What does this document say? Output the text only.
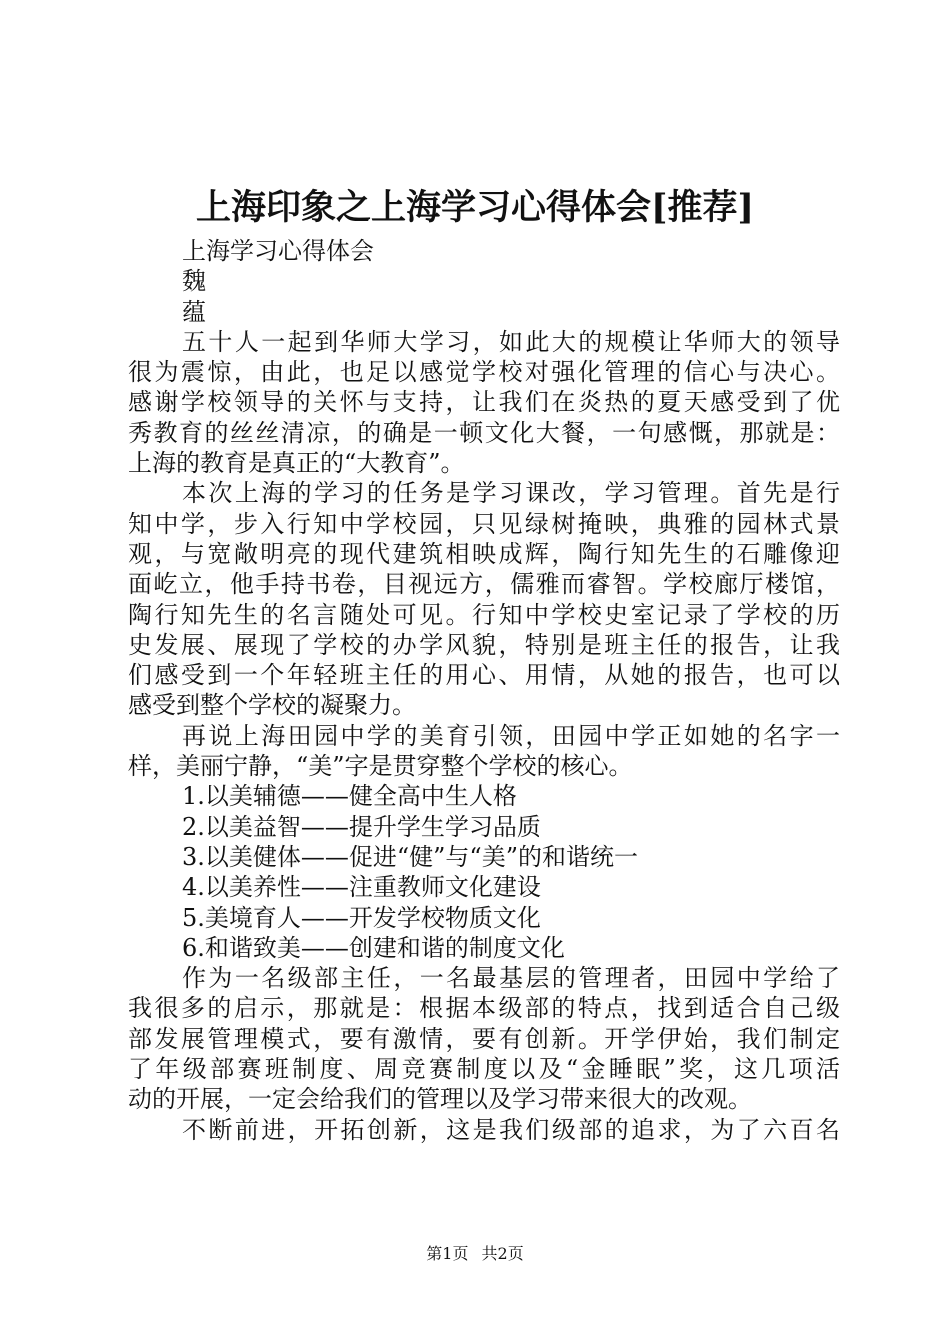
上海印象之上海学习心得体会[推荐]
上海学习心得体会
魏
蕴
五十人一起到华师大学习，如此大的规模让华师大的领导
很为震惊，由此，也足以感觉学校对强化管理的信心与决心。
感谢学校领导的关怀与支持，让我们在炎热的夏天感受到了优
秀教育的丝丝清凉，的确是一顿文化大餐，一句感慨，那就是：
上海的教育是真正的“大教育”。
本次上海的学习的任务是学习课改，学习管理。首先是行
知中学，步入行知中学校园，只见绿树掩映，典雅的园林式景
观，与宽敞明亮的现代建筑相映成辉，陶行知先生的石雕像迎
面屹立，他手持书卷，目视远方，儒雅而睿智。学校廊厅楼馆，
陶行知先生的名言随处可见。行知中学校史室记录了学校的历
史发展、展现了学校的办学风貌，特别是班主任的报告，让我
们感受到一个年轻班主任的用心、用情，从她的报告，也可以
感受到整个学校的凝聚力。
再说上海田园中学的美育引领，田园中学正如她的名字一
样，美丽宁静，“美”字是贯穿整个学校的核心。
1.以美辅德——健全高中生人格
2.以美益智——提升学生学习品质
3.以美健体——促进“健”与“美”的和谐统一
4.以美养性——注重教师文化建设
5.美境育人——开发学校物质文化
6.和谐致美——创建和谐的制度文化
作为一名级部主任，一名最基层的管理者，田园中学给了
我很多的启示，那就是：根据本级部的特点，找到适合自己级
部发展管理模式，要有激情，要有创新。开学伊始，我们制定
了年级部赛班制度、周竞赛制度以及“金睡眠”奖，这几项活
动的开展，一定会给我们的管理以及学习带来很大的改观。
不断前进，开拓创新，这是我们级部的追求，为了六百名
第1页 共2页
